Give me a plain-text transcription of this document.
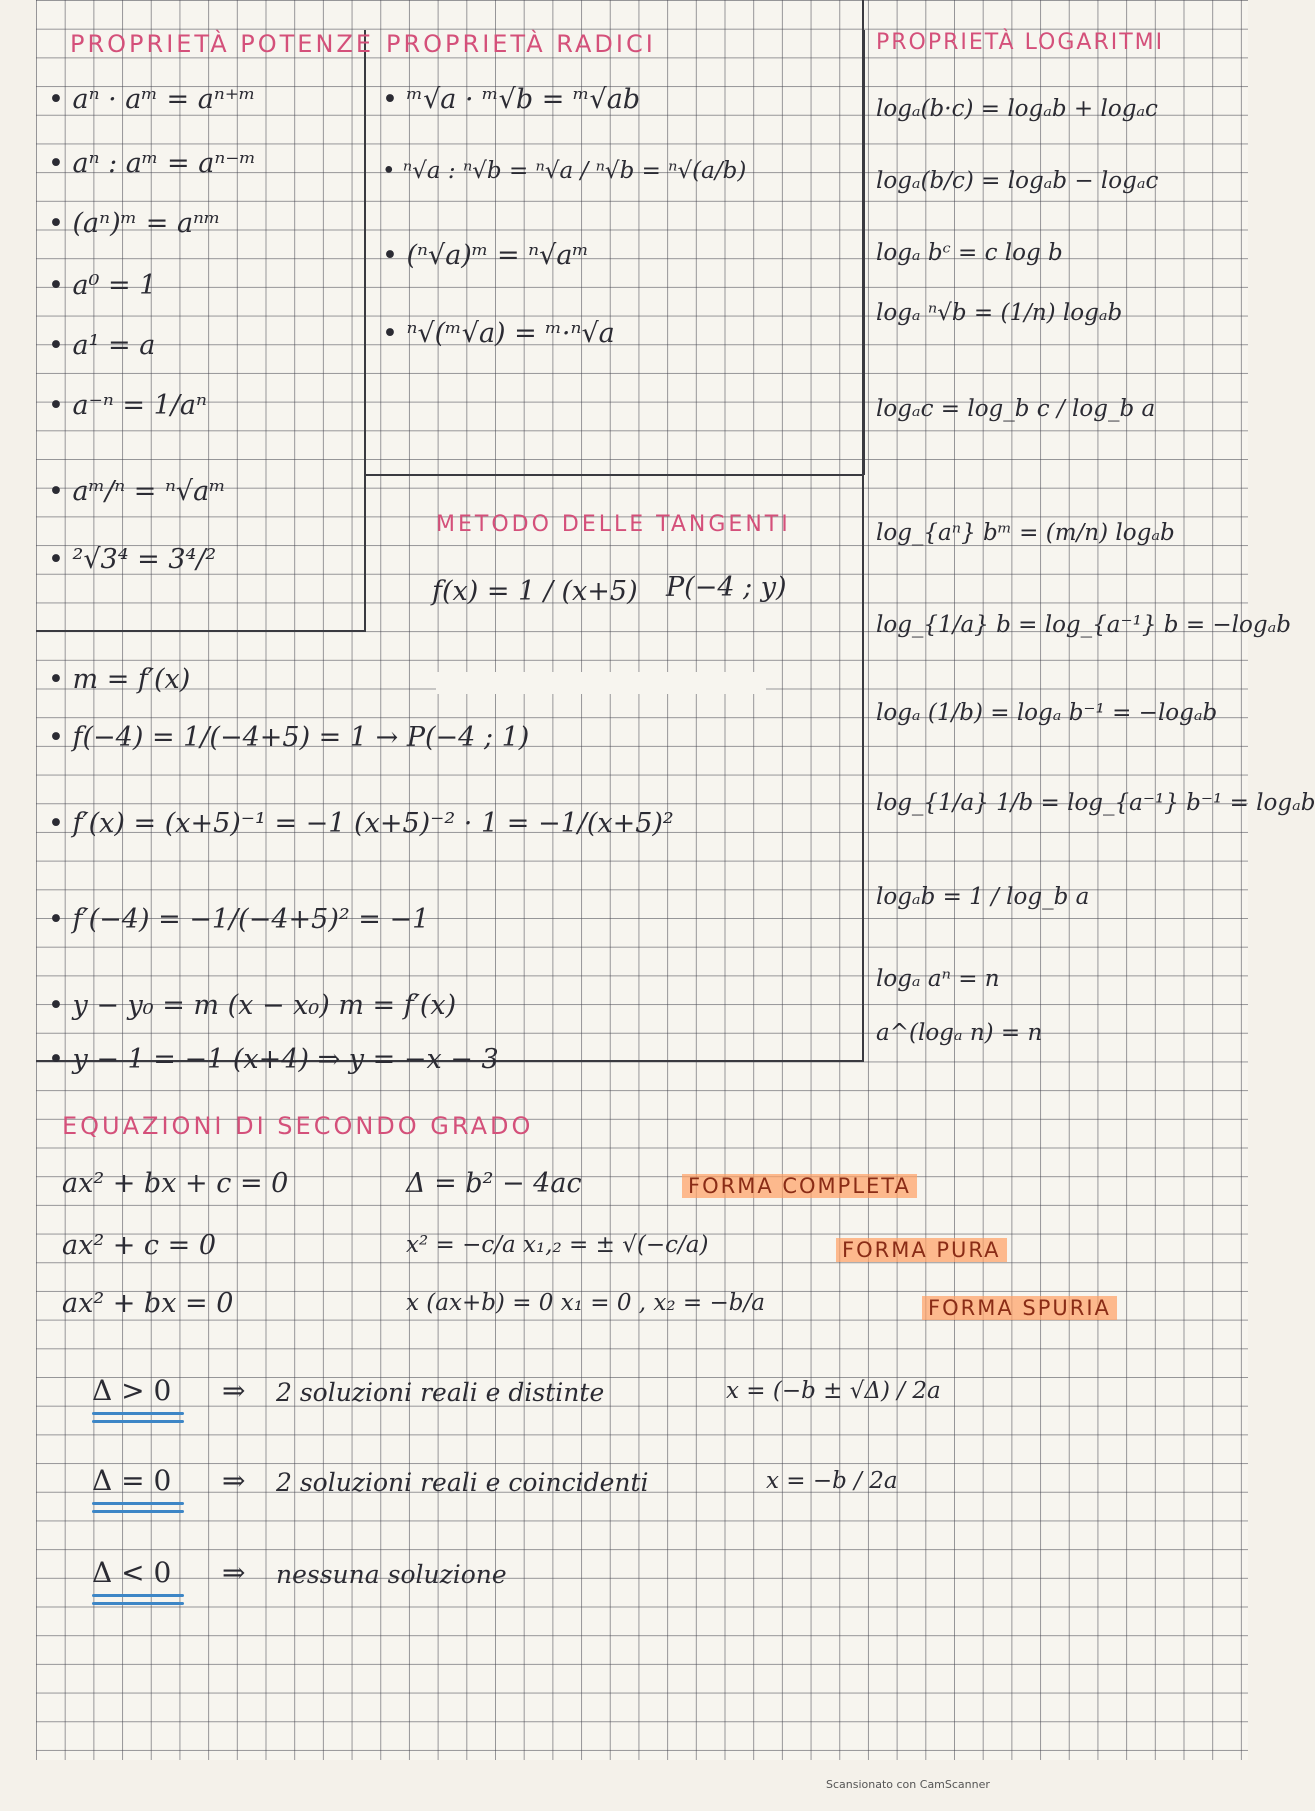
PROPRIETÀ POTENZE
• aⁿ · aᵐ = aⁿ⁺ᵐ
• aⁿ : aᵐ = aⁿ⁻ᵐ
• (aⁿ)ᵐ = aⁿᵐ
• a⁰ = 1
• a¹ = a
• a⁻ⁿ = 1/aⁿ
• aᵐ/ⁿ = ⁿ√aᵐ
• ²√3⁴ = 3⁴/²
PROPRIETÀ RADICI
• ᵐ√a · ᵐ√b = ᵐ√ab
• ⁿ√a : ⁿ√b = ⁿ√a / ⁿ√b = ⁿ√(a/b)
• (ⁿ√a)ᵐ = ⁿ√aᵐ
• ⁿ√(ᵐ√a) = ᵐ·ⁿ√a
PROPRIETÀ LOGARITMI
logₐ(b·c) = logₐb + logₐc
logₐ(b/c) = logₐb − logₐc
logₐ bᶜ = c log b
logₐ ⁿ√b = (1/n) logₐb
logₐc = log_b c / log_b a
log_{aⁿ} bᵐ = (m/n) logₐb
log_{1/a} b = log_{a⁻¹} b = −logₐb
logₐ (1/b) = logₐ b⁻¹ = −logₐb
log_{1/a} 1/b = log_{a⁻¹} b⁻¹ = logₐb
logₐb = 1 / log_b a
logₐ aⁿ = n
a^(logₐ n) = n
METODO DELLE TANGENTI
f(x) = 1 / (x+5) P(−4 ; y)
• m = f′(x)
• f(−4) = 1/(−4+5) = 1 → P(−4 ; 1)
• f′(x) = (x+5)⁻¹ = −1 (x+5)⁻² · 1 = −1/(x+5)²
• f′(−4) = −1/(−4+5)² = −1
• y − y₀ = m (x − x₀) m = f′(x)
• y − 1 = −1 (x+4) ⇒ y = −x − 3
EQUAZIONI DI SECONDO GRADO
ax² + bx + c = 0	Δ = b² − 4ac	FORMA COMPLETA
ax² + c = 0	x² = −c/a x₁,₂ = ± √(−c/a)	FORMA PURA
ax² + bx = 0	x (ax+b) = 0 x₁ = 0 , x₂ = −b/a	FORMA SPURIA
Δ > 0 ⇒ 2 soluzioni reali e distinte	x = (−b ± √Δ) / 2a
Δ = 0 ⇒ 2 soluzioni reali e coincidenti	x = −b / 2a
Δ < 0 ⇒ nessuna soluzione
Scansionato con CamScanner
